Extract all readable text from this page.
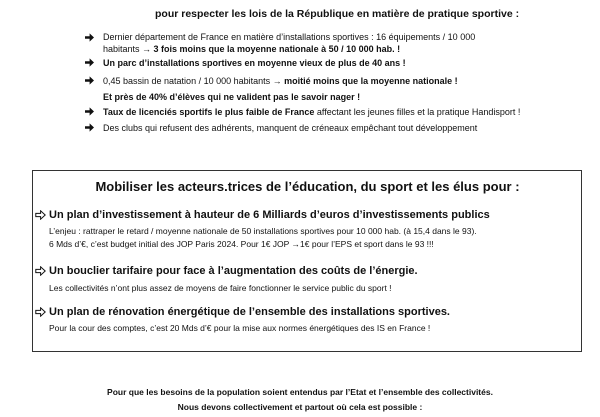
pour respecter les lois de la République en matière de pratique sportive :
Dernier département de France en matière d’installations sportives : 16 équipements / 10 000
habitants → 3 fois moins que la moyenne nationale à 50 / 10 000 hab. !
Un parc d’installations sportives en moyenne vieux de plus de 40 ans !
0,45 bassin de natation / 10 000 habitants → moitié moins que la moyenne nationale !
Et près de 40% d’élèves qui ne valident pas le savoir nager !
Taux de licenciés sportifs le plus faible de France affectant les jeunes filles et la pratique Handisport !
Des clubs qui refusent des adhérents, manquent de créneaux empêchant tout développement
Mobiliser les acteurs.trices de l’éducation, du sport et les élus pour :
Un plan d’investissement à hauteur de 6 Milliards d’euros d’investissements publics
L’enjeu : rattraper le retard / moyenne nationale de 50 installations sportives pour 10 000 hab. (à 15,4 dans le 93).
6 Mds d’€, c’est budget initial des JOP Paris 2024. Pour 1€ JOP →1€ pour l’EPS et sport dans le 93 !!!
Un bouclier tarifaire pour face à l’augmentation des coûts de l’énergie.
Les collectivités n’ont plus assez de moyens de faire fonctionner le service public du sport !
Un plan de rénovation énergétique de l’ensemble des installations sportives.
Pour la cour des comptes, c’est 20 Mds d’€ pour la mise aux normes énergétiques des IS en France !
Pour que les besoins de la population soient entendus par l’Etat et l’ensemble des collectivités.
Nous devons collectivement et partout où cela est possible :
